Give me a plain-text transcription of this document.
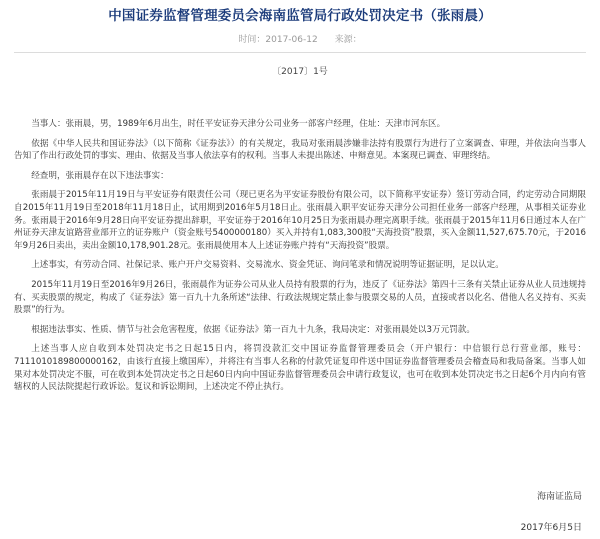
中国证券监督管理委员会海南监管局行政处罚决定书（张雨晨）
时间：2017-06-12 来源：
〔2017〕1号

当事人：张雨晨，男，1989年6月出生，时任平安证券天津分公司业务一部客户经理，住址：天津市河东区。

依据《中华人民共和国证券法》（以下简称《证券法》）的有关规定，我局对张雨晨涉嫌非法持有股票行为进行了立案调查、审理，并依法向当事人告知了作出行政处罚的事实、理由、依据及当事人依法享有的权利。当事人未提出陈述、申辩意见。本案现已调查、审理终结。

经查明，张雨晨存在以下违法事实：

张雨晨于2015年11月19日与平安证券有限责任公司（现已更名为平安证券股份有限公司，以下简称平安证券）签订劳动合同，约定劳动合同期限自2015年11月19日至2018年11月18日止，试用期到2016年5月18日止。张雨晨入职平安证券天津分公司担任业务一部客户经理，从事相关证券业务。张雨晨于2016年9月28日向平安证券提出辞职，平安证券于2016年10月25日为张雨晨办理完离职手续。张雨晨于2015年11月6日通过本人在广州证券天津友谊路营业部开立的证券账户（资金账号5400000180）买入并持有1,083,300股“天海投资”股票，买入金额11,527,675.70元，于2016年9月26日卖出，卖出金额10,178,901.28元。张雨晨使用本人上述证券账户持有“天海投资”股票。

上述事实，有劳动合同、社保记录、账户开户交易资料、交易流水、资金凭证、询问笔录和情况说明等证据证明，足以认定。

2015年11月19日至2016年9月26日，张雨晨作为证券公司从业人员持有股票的行为，违反了《证券法》第四十三条有关禁止证券从业人员违规持有、买卖股票的规定，构成了《证券法》第一百九十九条所述“法律、行政法规规定禁止参与股票交易的人员，直接或者以化名、借他人名义持有、买卖股票”的行为。

根据违法事实、性质、情节与社会危害程度，依据《证券法》第一百九十九条，我局决定：对张雨晨处以3万元罚款。

上述当事人应自收到本处罚决定书之日起15日内，将罚没款汇交中国证券监督管理委员会（开户银行：中信银行总行营业部，账号：7111010189800000162，由该行直接上缴国库），并将注有当事人名称的付款凭证复印件送中国证券监督管理委员会稽查局和我局备案。当事人如果对本处罚决定不服，可在收到本处罚决定书之日起60日内向中国证券监督管理委员会申请行政复议，也可在收到本处罚决定书之日起6个月内向有管辖权的人民法院提起行政诉讼。复议和诉讼期间，上述决定不停止执行。

海南证监局
2017年6月5日
